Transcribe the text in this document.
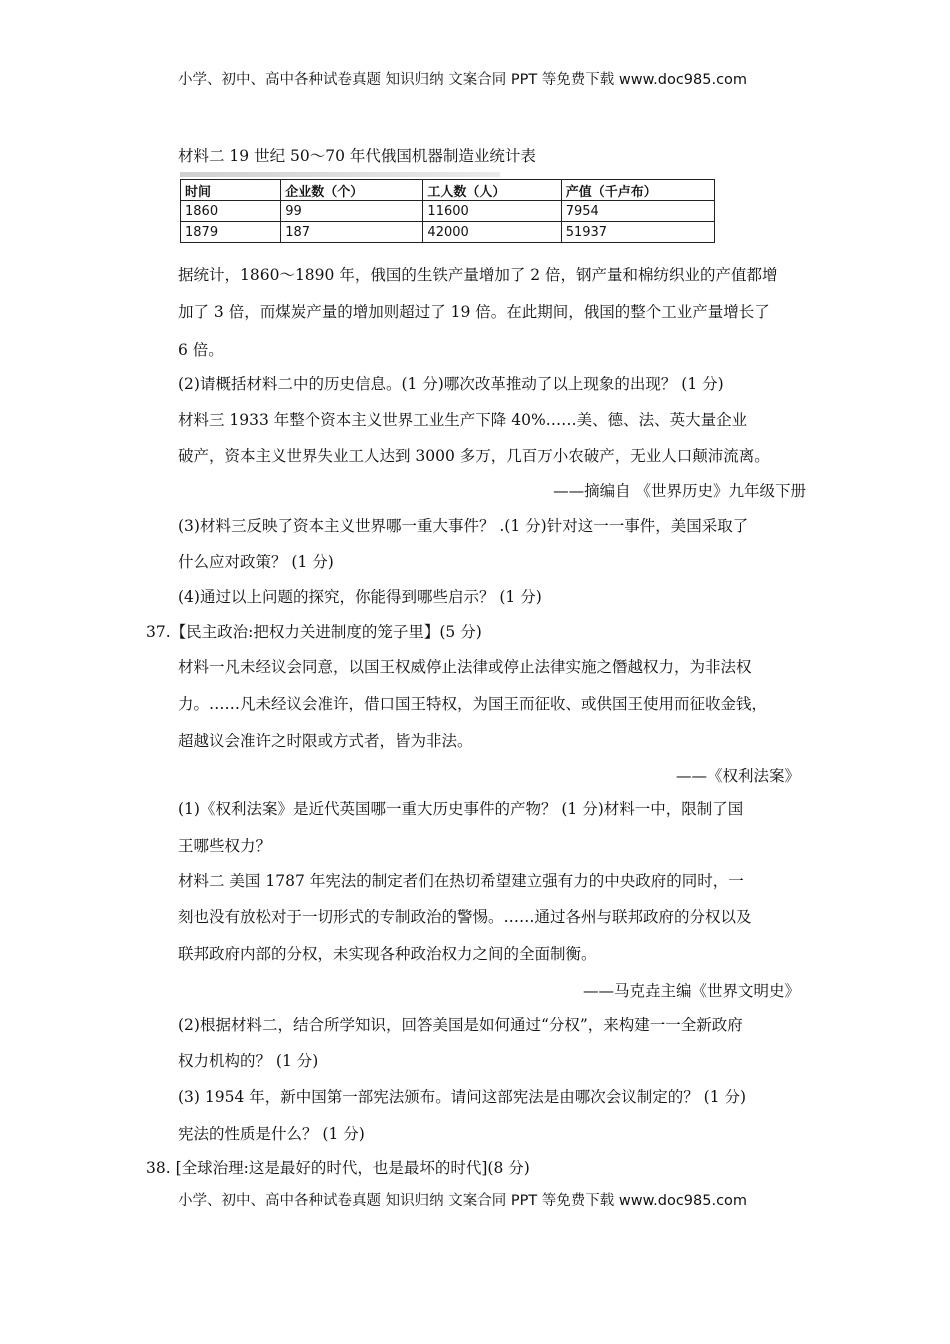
小学、初中、高中各种试卷真题 知识归纳 文案合同 PPT 等免费下载 www.doc985.com
材料二 19 世纪 50～70 年代俄国机器制造业统计表
时间	企业数（个）	工人数（人）	产值（千卢布）
1860	99	11600	7954
1879	187	42000	51937
据统计，1860～1890 年，俄国的生铁产量增加了 2 倍，钢产量和棉纺织业的产值都增
加了 3 倍，而煤炭产量的增加则超过了 19 倍。在此期间，俄国的整个工业产量增长了
6 倍。
(2)请概括材料二中的历史信息。(1 分)哪次改革推动了以上现象的出现？ (1 分)
材料三 1933 年整个资本主义世界工业生产下降 40%……美、德、法、英大量企业
破产，资本主义世界失业工人达到 3000 多万，几百万小农破产，无业人口颠沛流离。
——摘编自 《世界历史》九年级下册
(3)材料三反映了资本主义世界哪一重大事件？ .(1 分)针对这一一事件，美国采取了
什么应对政策？ (1 分)
(4)通过以上问题的探究，你能得到哪些启示？ (1 分)
37.【民主政治:把权力关进制度的笼子里】(5 分)
材料一凡未经议会同意，以国王权威停止法律或停止法律实施之僭越权力，为非法权
力。……凡未经议会准许，借口国王特权，为国王而征收、或供国王使用而征收金钱，
超越议会准许之时限或方式者，皆为非法。
——《权利法案》
(1)《权利法案》是近代英国哪一重大历史事件的产物？ (1 分)材料一中，限制了国
王哪些权力？
材料二 美国 1787 年宪法的制定者们在热切希望建立强有力的中央政府的同时，一
刻也没有放松对于一切形式的专制政治的警惕。……通过各州与联邦政府的分权以及
联邦政府内部的分权，未实现各种政治权力之间的全面制衡。
——马克垚主编《世界文明史》
(2)根据材料二，结合所学知识，回答美国是如何通过“分权”，来构建一一全新政府
权力机构的？ (1 分)
(3) 1954 年，新中国第一部宪法颁布。请问这部宪法是由哪次会议制定的？ (1 分)
宪法的性质是什么？ (1 分)
38. [全球治理:这是最好的时代，也是最坏的时代](8 分)
小学、初中、高中各种试卷真题 知识归纳 文案合同 PPT 等免费下载 www.doc985.com
